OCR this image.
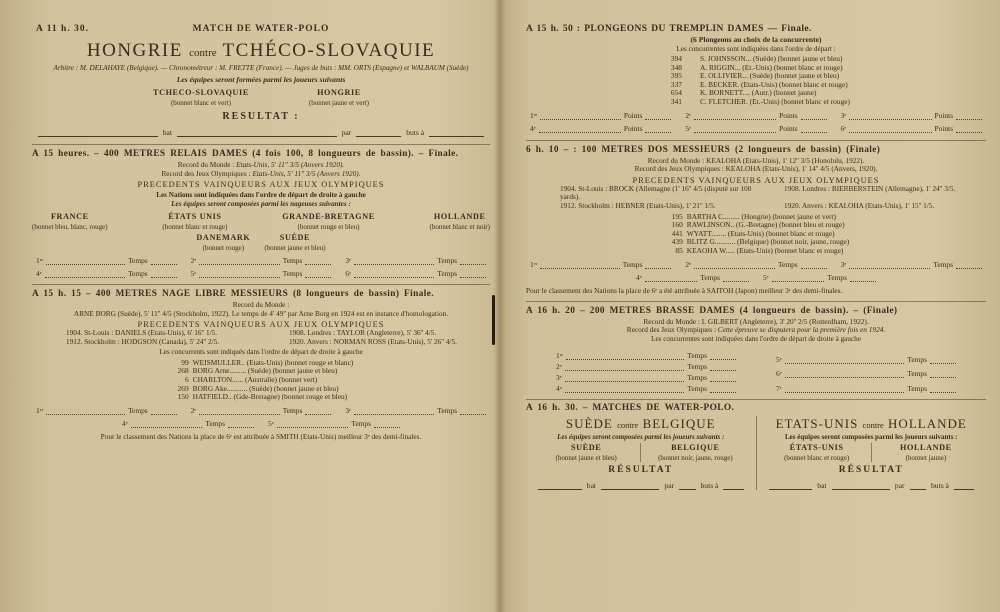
A 11 h. 30.	MATCH DE WATER-POLO
HONGRIE contre TCHÉCO-SLOVAQUIE
Arbitre : M. DELAHAYE (Belgique). — Chronométreur : M. FRETTE (France). — Juges de buts : MM. ORTS (Espagne) et WALBAUM (Suède)
Les équipes seront formées parmi les joueurs suivants
TCHECO-SLOVAQUIE
(bonnet blanc et vert)
HONGRIE
(bonnet jaune et vert)
RESULTAT :
bat	par	buts à
A 15 heures. – 400 METRES RELAIS DAMES (4 fois 100, 8 longueurs de bassin). – Finale.
Record du Monde : Etats-Unis, 5' 11'' 3/5 (Anvers 1920).
Record des Jeux Olympiques : Etats-Unis, 5' 11'' 3/5 (Anvers 1920).
PRECEDENTS VAINQUEURS AUX JEUX OLYMPIQUES
Les Nations sont indiquées dans l'ordre de départ de droite à gauche
Les équipes seront composées parmi les nageuses suivantes :
FRANCE
(bonnet bleu, blanc, rouge)
ÉTATS UNIS
(bonnet blanc et rouge)
GRANDE-BRETAGNE
(bonnet rouge et bleu)
HOLLANDE
(bonnet blanc et noir)
DANEMARK
(bonnet rouge)
SUÈDE
(bonnet jaune et bleu)
1ʳᵉ	Temps	2ᵉ	Temps	3ᵉ	Temps
4ᵉ	Temps	5ᵉ	Temps	6ᵉ	Temps
A 15 h. 15 – 400 METRES NAGE LIBRE MESSIEURS (8 longueurs de bassin) Finale.
Record du Monde :
ARNE BORG (Suède), 5' 11'' 4/5 (Stockholm, 1922). Le temps de 4' 49'' par Arne Borg en 1924 est en instance d'homologation.
PRECEDENTS VAINQUEURS AUX JEUX OLYMPIQUES
1904. St-Louis : DANIELS (Etats-Unis), 6' 16'' 1/5.	1908. Londres : TAYLOR (Angleterre), 5' 36'' 4/5.
1912. Stockholm : HODGSON (Canada), 5' 24'' 2/5.	1920. Anvers : NORMAN ROSS (Etats-Unis), 5' 26'' 4/5.
Les concurrents sont indiqués dans l'ordre de départ de droite à gauche
99 WEISMULLER.. (Etats-Unis) (bonnet rouge et blanc)
268 BORG Arne......... (Suède) (bonnet jaune et bleu)
6 CHARLTON...... (Australie) (bonnet vert)
269 BORG Ake........... (Suède) (bonnet jaune et bleu)
150 HATFIELD.. (Gde-Bretagne) (bonnet rouge et bleu)
1ᵉʳ	Temps	2ᵉ	Temps	3ᵉ	Temps
4ᵉ	Temps	5ᵉ	Temps
Pour le classement des Nations la place de 6ᵉ est attribuée à SMITH (Etats-Unis) meilleur 3ᵉ des demi-finales.
A 15 h. 50 : PLONGEONS DU TREMPLIN DAMES — Finale.
(6 Plongeons au choix de la concurrente)
Les concurrentes sont indiquées dans l'ordre de départ :
394 S. JOHNSSON... (Suède) (bonnet jaune et bleu)
348 A. RIGGIN... (Et.-Unis) (bonnet blanc et rouge)
395 E. OLLIVIER... (Suède) (bonnet jaune et bleu)
337 E. BECKER. (Etats-Unis) (bonnet blanc et rouge)
654 K. BORNETT.... (Autr.) (bonnet jaune)
341 C. FLETCHER. (Et.-Unis) (bonnet blanc et rouge)
1ʳᵉ	Points	2ᵉ	Points	3ᵉ	Points
4ᵉ	Points	5ᵉ	Points	6ᵉ	Points
6 h. 10 – : 100 METRES DOS MESSIEURS (2 longueurs de bassin) (Finale)
Record du Monde : KEALOHA (Etats-Unis), 1' 12'' 3/5 (Honolulu, 1922).
Record des Jeux Olympiques : KEALOHA (Etats-Unis), 1' 14'' 4/5 (Anvers, 1920).
PRECEDENTS VAINQUEURS AUX JEUX OLYMPIQUES
1904. St-Louis : BROCK (Allemagne (1' 16'' 4/5 (disputé sur 100 yards).
1908. Londres : BIERBERSTEIN (Allemagne), 1' 24'' 3/5.
1912. Stockholm : HEBNER (Etats-Unis), 1' 21'' 1/5.	1920. Anvers : KEALOHA (Etats-Unis), 1' 15'' 1/5.
195 BARTHA C......... (Hongrie) (bonnet jaune et vert)
160 RAWLINSON.. (G.-Bretagne) (bonnet bleu et rouge)
441 WYATT........ (Etats-Unis) (bonnet blanc et rouge)
439 BLITZ G........... (Belgique) (bonnet noir, jaune, rouge)
85 KEAOHA W..... (Etats-Unis) (bonnet blanc et rouge)
1ᵉʳ	Temps	2ᵉ	Temps	3ᵉ	Temps
4ᵉ	Temps	5ᵉ	Temps
Pour le classement des Nations la place de 6ᵉ a été attribuée à SAITOH (Japon) meilleur 3ᵉ des demi-finales.
A 16 h. 20 – 200 METRES BRASSE DAMES (4 longueurs de bassin). – (Finale)
Record du Monde : I. GILBERT (Angleterre), 3' 20'' 2/5 (Rotterdham, 1922).
Record des Jeux Olympiques : Cette épreuve se disputera pour la première fois en 1924.
Les concurrentes sont indiquées dans l'ordre de départ de droite à gauche
1ʳᵉ	Temps
2ᵉ	Temps
3ᵉ	Temps
4ᵉ	Temps
5ᵉ	Temps
6ᵉ	Temps
7ᵉ	Temps
A 16 h. 30. – MATCHES DE WATER-POLO.
SUÈDE contre BELGIQUE
Les équipes seront composées parmi les joueurs suivants :
SUÈDE
(bonnet jaune et bleu)
BELGIQUE
(bonnet noir, jaune, rouge)
RÉSULTAT
bat	par	buts à
ETATS-UNIS contre HOLLANDE
Les équipes seront composées parmi les joueurs suivants :
ÉTATS-UNIS
(bonnet blanc et rouge)
HOLLANDE
(bonnet jaune)
RÉSULTAT
bat	par	buts à
